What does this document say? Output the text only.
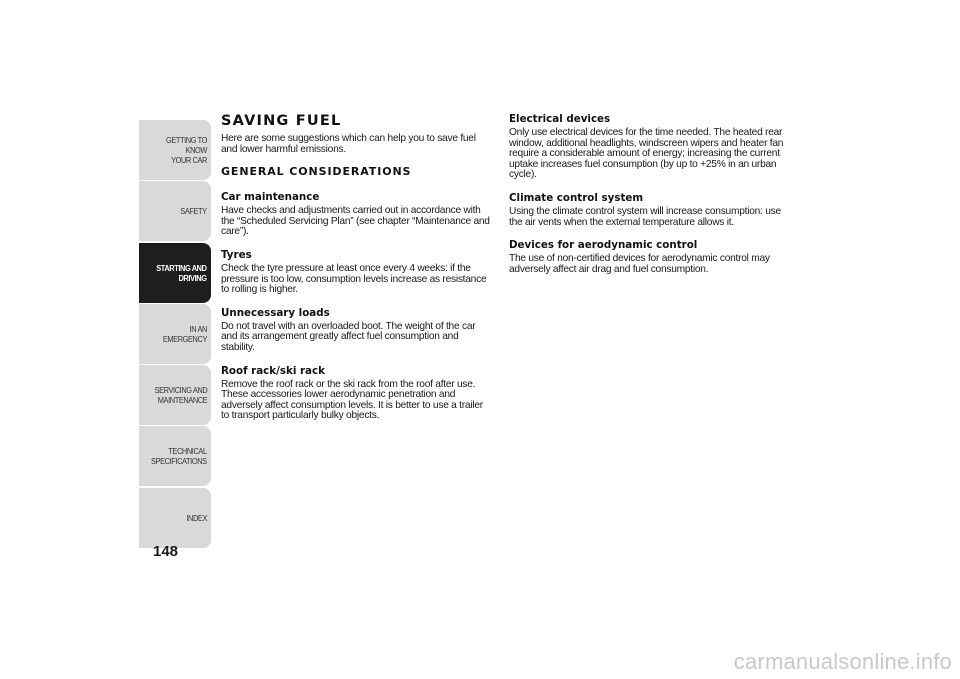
GETTING TO KNOW
YOUR CAR
SAFETY
STARTING AND
DRIVING
IN AN EMERGENCY
SERVICING AND
MAINTENANCE
TECHNICAL
SPECIFICATIONS
INDEX
148
SAVING FUEL
Here are some suggestions which can help you to save fuel and lower harmful emissions.
GENERAL CONSIDERATIONS
Car maintenance
Have checks and adjustments carried out in accordance with the “Scheduled Servicing Plan” (see chapter “Maintenance and care”).
Tyres
Check the tyre pressure at least once every 4 weeks: if the pressure is too low, consumption levels increase as resistance to rolling is higher.
Unnecessary loads
Do not travel with an overloaded boot. The weight of the car and its arrangement greatly affect fuel consumption and stability.
Roof rack/ski rack
Remove the roof rack or the ski rack from the roof after use. These accessories lower aerodynamic penetration and adversely affect consumption levels. It is better to use a trailer to transport particularly bulky objects.
Electrical devices
Only use electrical devices for the time needed. The heated rear window, additional headlights, windscreen wipers and heater fan require a considerable amount of energy; increasing the current uptake increases fuel consumption (by up to +25% in an urban cycle).
Climate control system
Using the climate control system will increase consumption: use the air vents when the external temperature allows it.
Devices for aerodynamic control
The use of non-certified devices for aerodynamic control may adversely affect air drag and fuel consumption.
carmanualsonline.info
